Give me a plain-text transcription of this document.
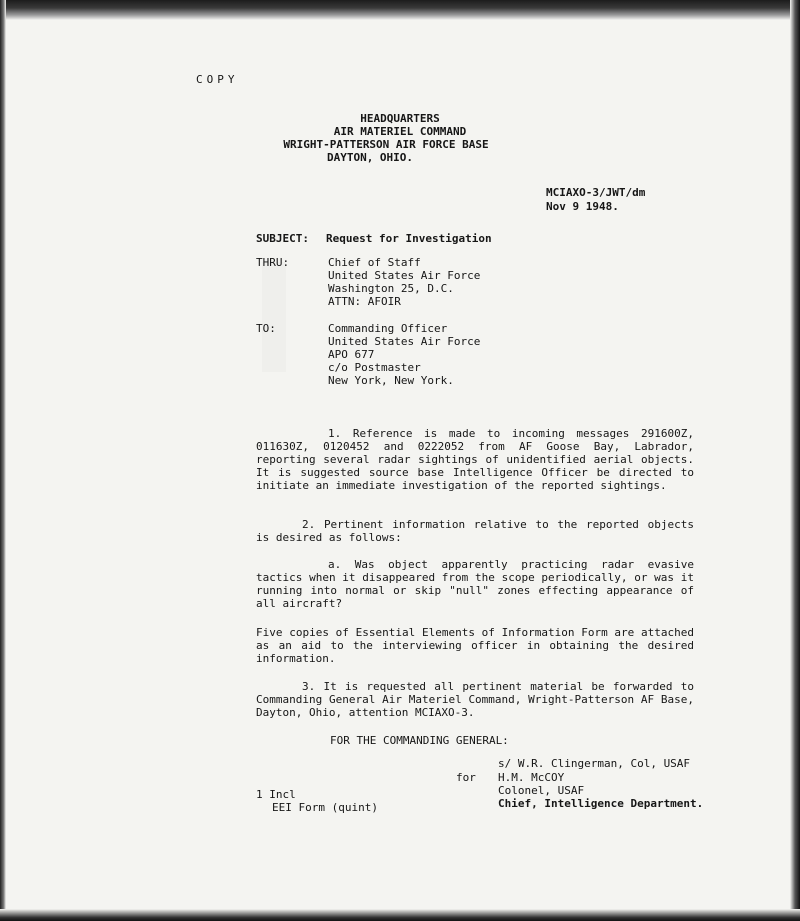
COPY
HEADQUARTERS
AIR MATERIEL COMMAND
WRIGHT-PATTERSON AIR FORCE BASE
DAYTON, OHIO.
MCIAXO-3/JWT/dm
Nov 9 1948.
SUBJECT: Request for Investigation
THRU:	Chief of Staff
United States Air Force
Washington 25, D.C.
ATTN: AFOIR
TO:	Commanding Officer
United States Air Force
APO 677
c/o Postmaster
New York, New York.
1. Reference is made to incoming messages 291600Z, 011630Z, 0120452 and 0222052 from AF Goose Bay, Labrador, reporting several radar sightings of unidentified aerial objects. It is suggested source base Intelligence Officer be directed to initiate an immediate investigation of the reported sightings.
2. Pertinent information relative to the reported objects is desired as follows:
a. Was object apparently practicing radar evasive tactics when it disappeared from the scope periodically, or was it running into normal or skip "null" zones effecting appearance of all aircraft?
Five copies of Essential Elements of Information Form are attached as an aid to the interviewing officer in obtaining the desired information.
3. It is requested all pertinent material be forwarded to Commanding General Air Materiel Command, Wright-Patterson AF Base, Dayton, Ohio, attention MCIAXO-3.
FOR THE COMMANDING GENERAL:
s/ W.R. Clingerman, Col, USAF
for H.M. McCOY
Colonel, USAF
Chief, Intelligence Department.
1 Incl
EEI Form (quint)
